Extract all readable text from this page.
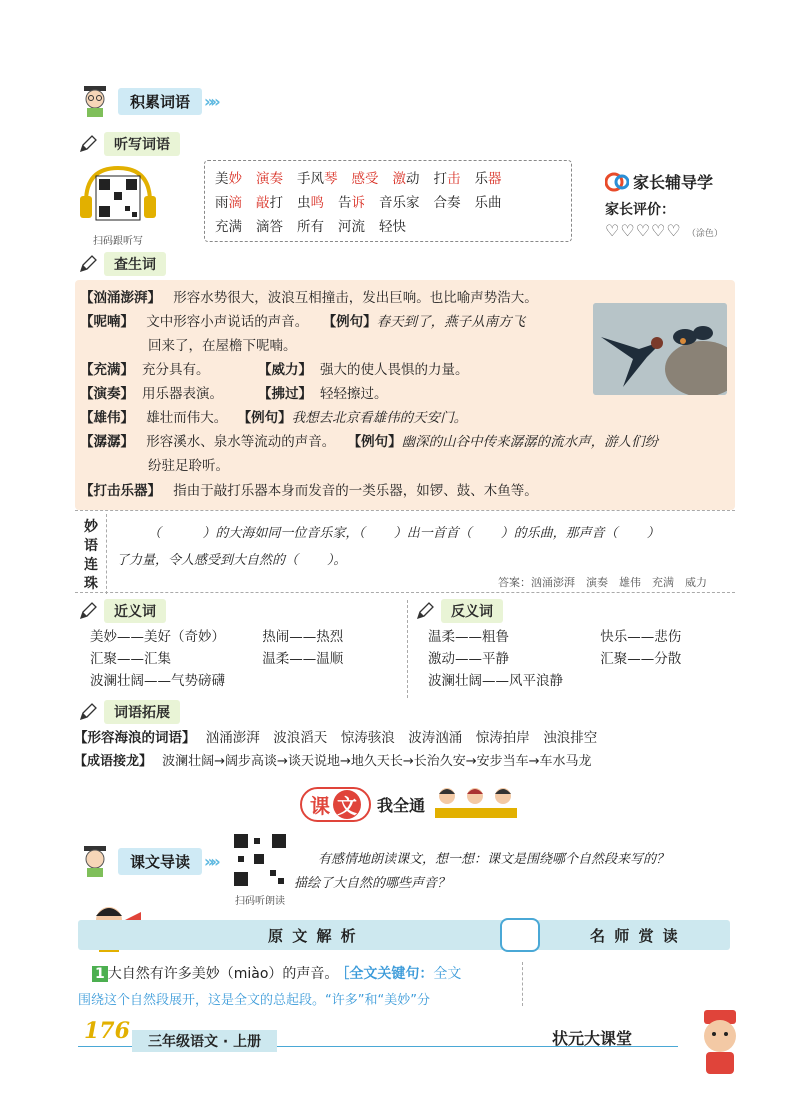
积累词语 »»
听写词语
扫码跟听写
美妙 演奏 手风琴 感受 激动 打击 乐器
雨滴 敲打 虫鸣 告诉 音乐家 合奏 乐曲
充满 滴答 所有 河流 轻快
家长辅导学
家长评价：
♡♡♡♡♡ （涂色）
查生词
【汹涌澎湃】 形容水势很大，波浪互相撞击，发出巨响。也比喻声势浩大。
【呢喃】 文中形容小声说话的声音。 【例句】春天到了，燕子从南方飞
回来了，在屋檐下呢喃。
【充满】 充分具有。	【威力】 强大的使人畏惧的力量。
【演奏】 用乐器表演。	【拂过】 轻轻擦过。
【雄伟】 雄壮而伟大。 【例句】我想去北京看雄伟的天安门。
【潺潺】 形容溪水、泉水等流动的声音。 【例句】幽深的山谷中传来潺潺的流水声，游人们纷
纷驻足聆听。
【打击乐器】 指由于敲打乐器本身而发音的一类乐器，如锣、鼓、木鱼等。
妙
语
连
珠
（          ）的大海如同一位音乐家，（       ）出一首首（       ）的乐曲，那声音（       ）
了力量，令人感受到大自然的（       ）。
答案：汹涌澎湃　演奏　雄伟　充满　威力
近义词
美妙——美好（奇妙）	热闹——热烈
汇聚——汇集	温柔——温顺
波澜壮阔——气势磅礴
反义词
温柔——粗鲁	快乐——悲伤
激动——平静	汇聚——分散
波澜壮阔——风平浪静
词语拓展
【形容海浪的词语】 汹涌澎湃　波浪滔天　惊涛骇浪　波涛汹涌　惊涛拍岸　浊浪排空
【成语接龙】 波澜壮阔→阔步高谈→谈天说地→地久天长→长治久安→安步当车→车水马龙
课 文 我全通
课文导读 »»
扫码听朗读
有感情地朗读课文，想一想：课文是围绕哪个自然段来写的？
描绘了大自然的哪些声音？
原 文 解 析	名 师 赏 读
1 大自然有许多美妙（miào）的声音。 ［全文关键句：全文
围绕这个自然段展开，这是全文的总起段。“许多”和“美妙”分
176	三年级语文 · 上册	状元大课堂
